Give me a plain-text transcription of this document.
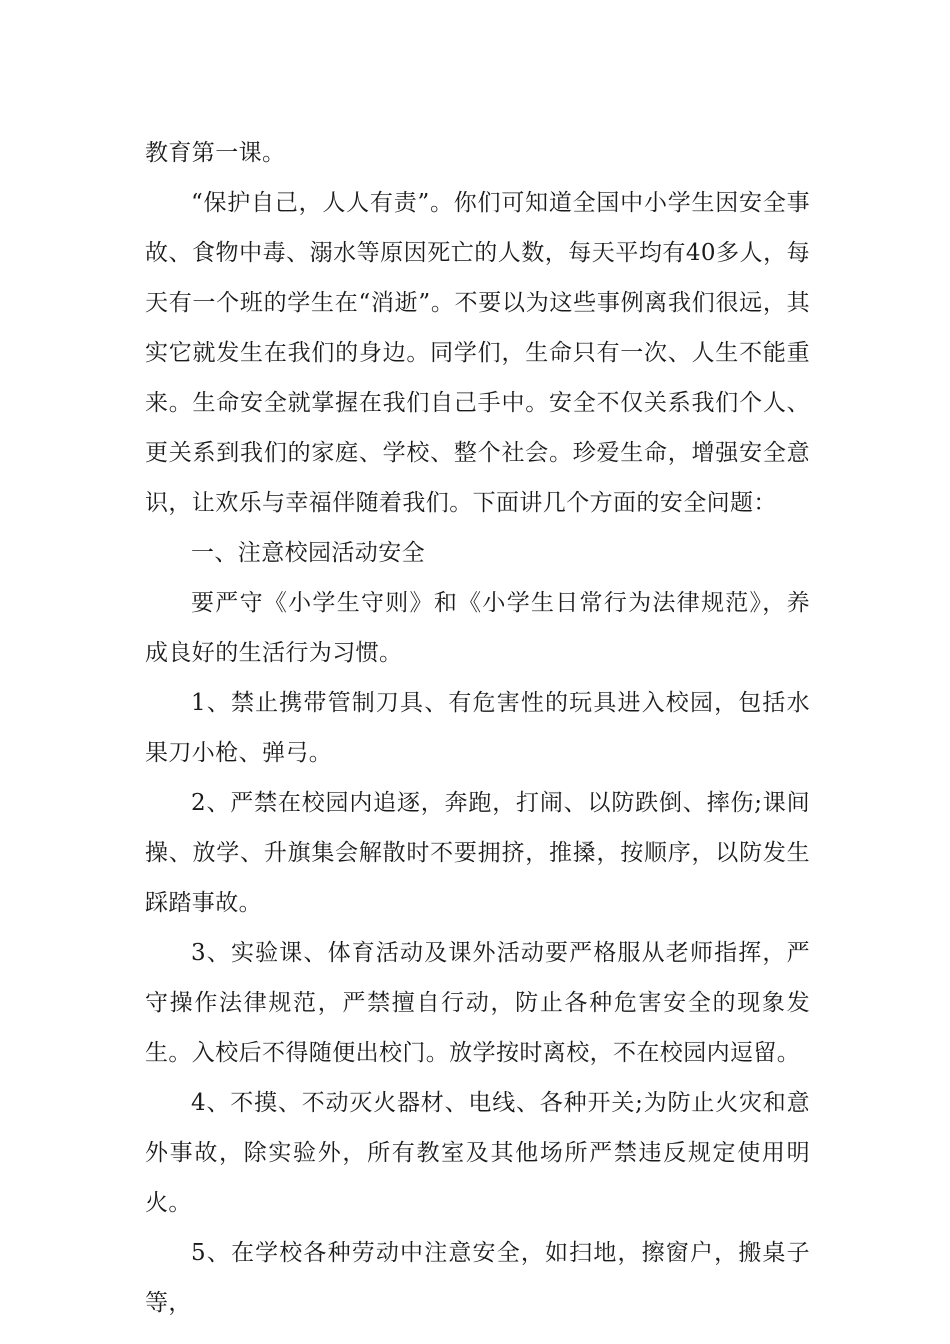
教育第一课。

“保护自己，人人有责”。你们可知道全国中小学生因安全事故、食物中毒、溺水等原因死亡的人数，每天平均有40多人，每天有一个班的学生在“消逝”。不要以为这些事例离我们很远，其实它就发生在我们的身边。同学们，生命只有一次、人生不能重来。生命安全就掌握在我们自己手中。安全不仅关系我们个人、更关系到我们的家庭、学校、整个社会。珍爱生命，增强安全意识，让欢乐与幸福伴随着我们。下面讲几个方面的安全问题：

一、注意校园活动安全

要严守《小学生守则》和《小学生日常行为法律规范》，养成良好的生活行为习惯。

1、禁止携带管制刀具、有危害性的玩具进入校园，包括水果刀小枪、弹弓。

2、严禁在校园内追逐，奔跑，打闹、以防跌倒、摔伤;课间操、放学、升旗集会解散时不要拥挤，推搡，按顺序，以防发生踩踏事故。

3、实验课、体育活动及课外活动要严格服从老师指挥，严守操作法律规范，严禁擅自行动，防止各种危害安全的现象发生。入校后不得随便出校门。放学按时离校，不在校园内逗留。

4、不摸、不动灭火器材、电线、各种开关;为防止火灾和意外事故，除实验外，所有教室及其他场所严禁违反规定使用明火。

5、在学校各种劳动中注意安全，如扫地，擦窗户，搬桌子等，
